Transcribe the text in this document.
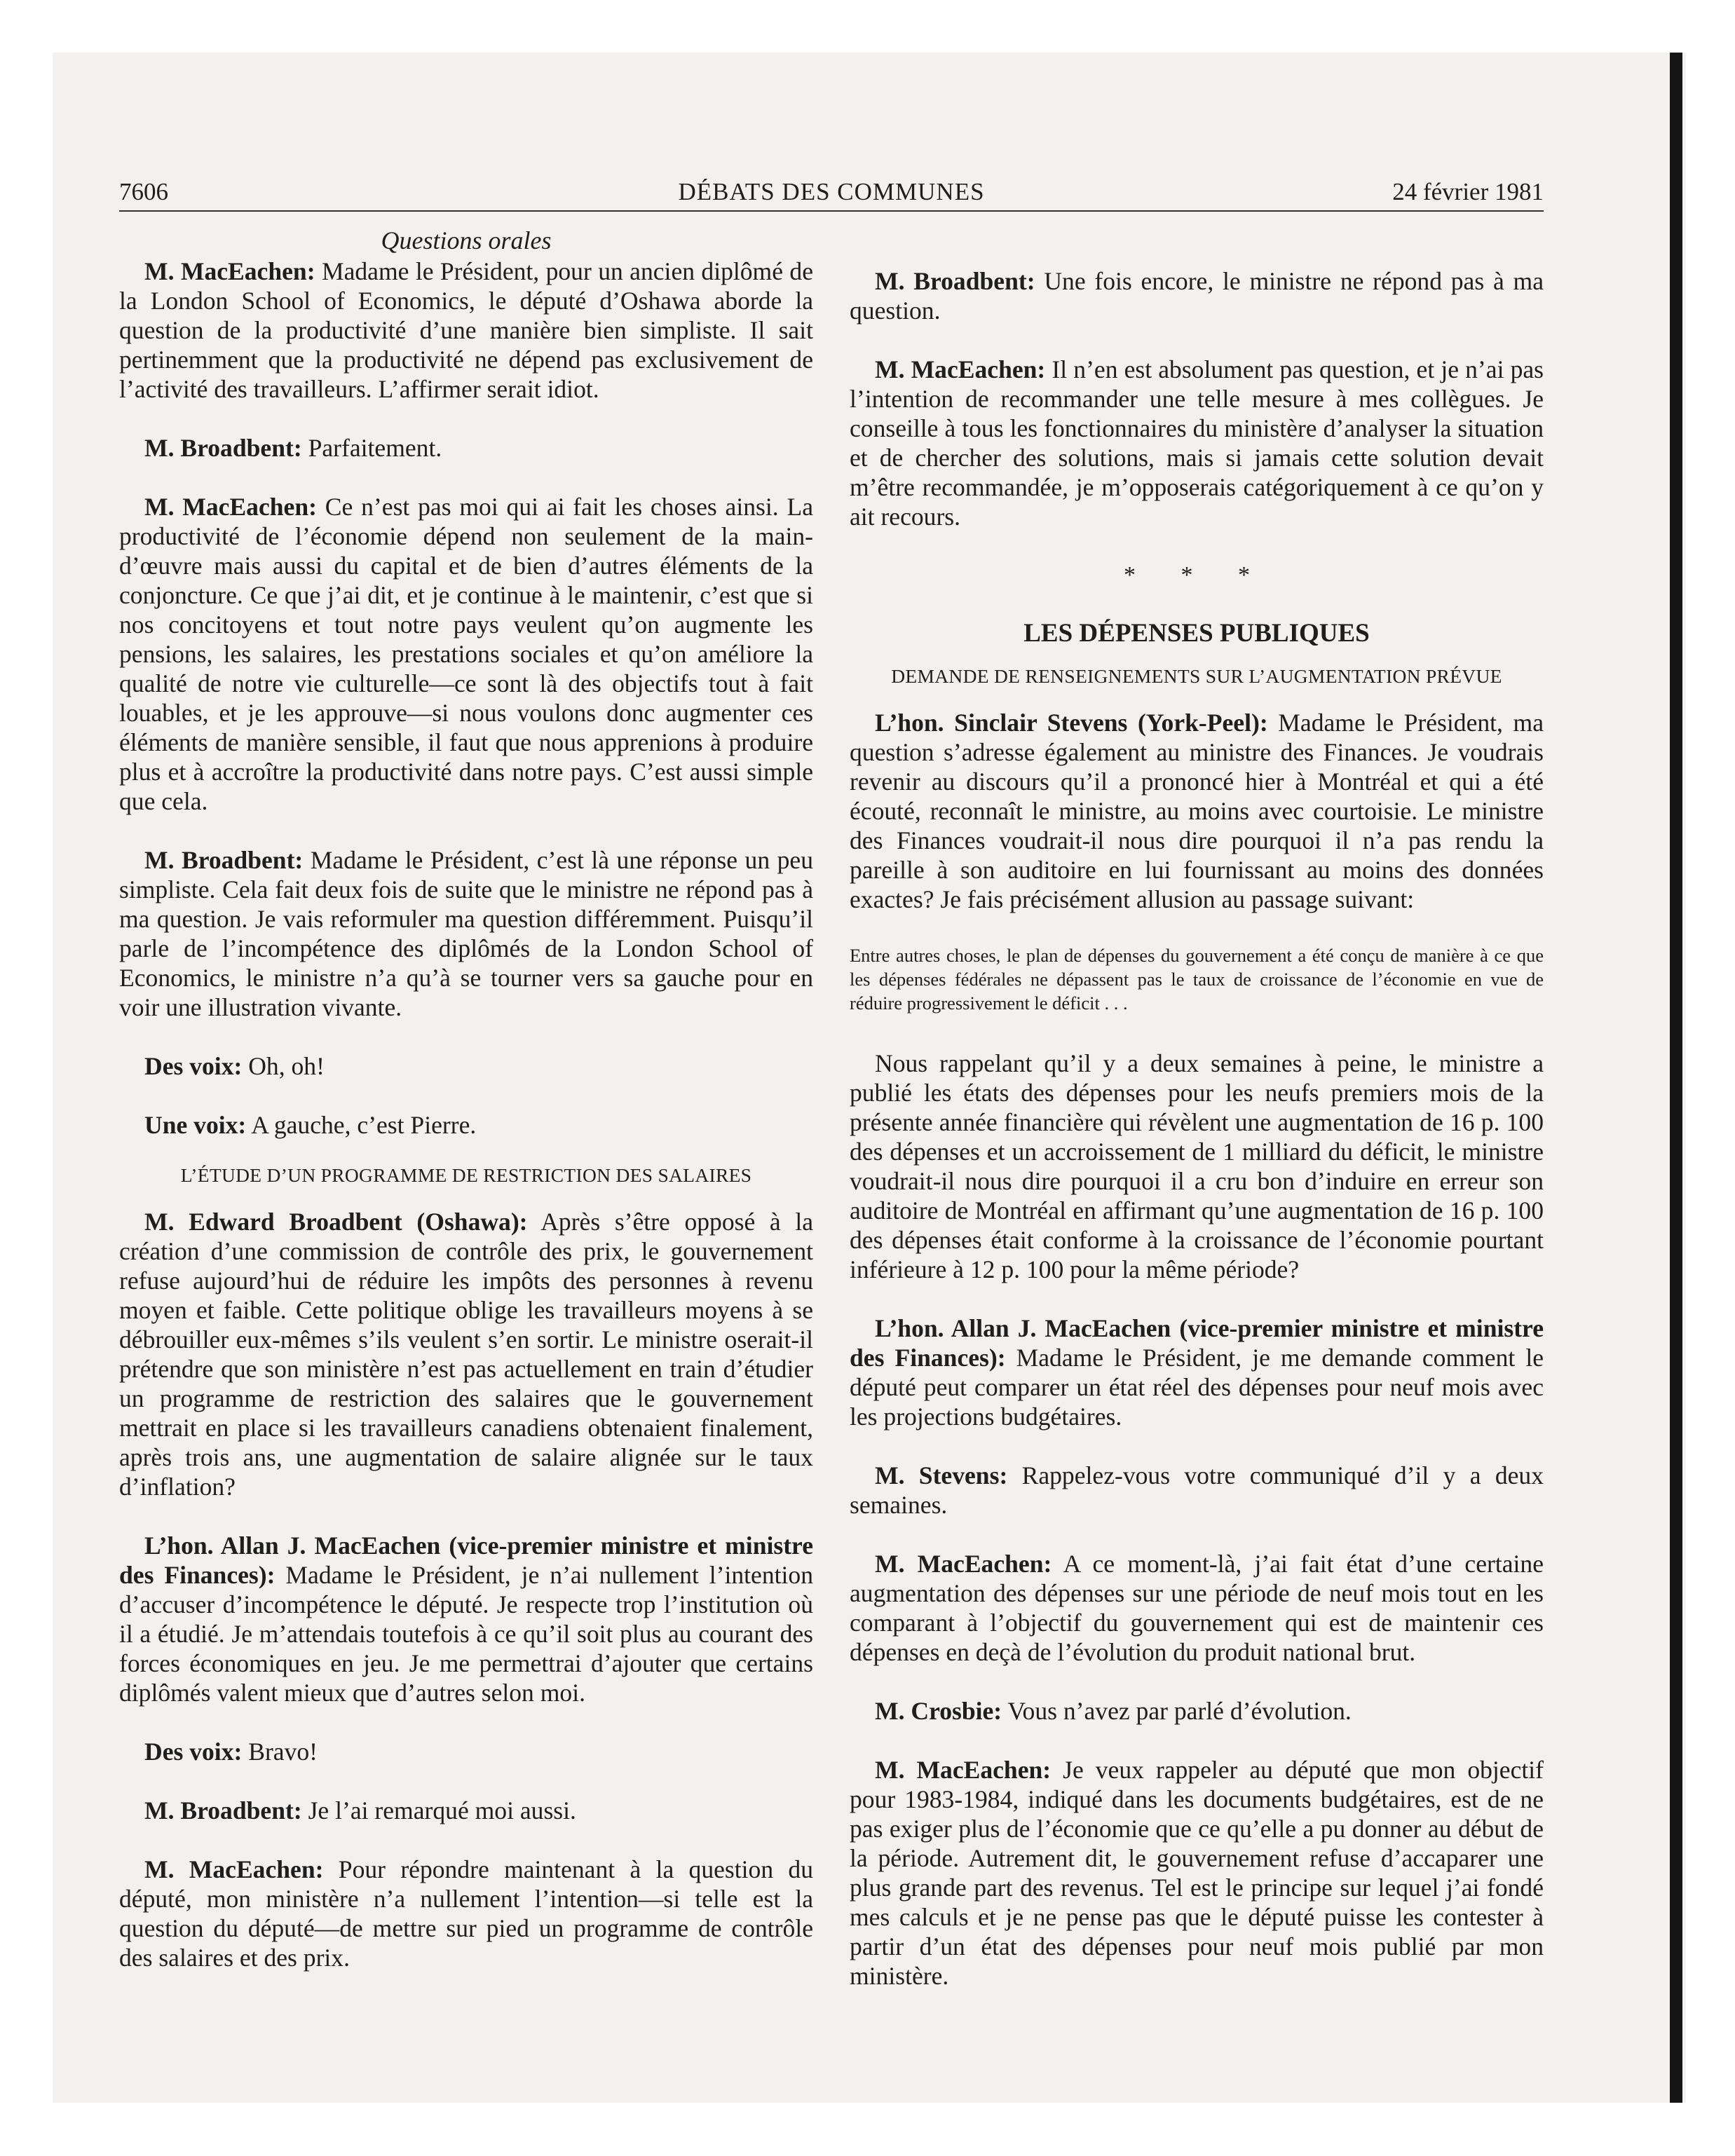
7606	DÉBATS DES COMMUNES	24 février 1981
Questions orales

M. MacEachen: Madame le Président, pour un ancien diplômé de la London School of Economics, le député d’Oshawa aborde la question de la productivité d’une manière bien simpliste. Il sait pertinemment que la productivité ne dépend pas exclusivement de l’activité des travailleurs. L’affirmer serait idiot.

M. Broadbent: Parfaitement.

M. MacEachen: Ce n’est pas moi qui ai fait les choses ainsi. La productivité de l’économie dépend non seulement de la main-d’œuvre mais aussi du capital et de bien d’autres éléments de la conjoncture. Ce que j’ai dit, et je continue à le maintenir, c’est que si nos concitoyens et tout notre pays veulent qu’on augmente les pensions, les salaires, les prestations sociales et qu’on améliore la qualité de notre vie culturelle—ce sont là des objectifs tout à fait louables, et je les approuve—si nous voulons donc augmenter ces éléments de manière sensible, il faut que nous apprenions à produire plus et à accroître la productivité dans notre pays. C’est aussi simple que cela.

M. Broadbent: Madame le Président, c’est là une réponse un peu simpliste. Cela fait deux fois de suite que le ministre ne répond pas à ma question. Je vais reformuler ma question différemment. Puisqu’il parle de l’incompétence des diplômés de la London School of Economics, le ministre n’a qu’à se tourner vers sa gauche pour en voir une illustration vivante.

Des voix: Oh, oh!

Une voix: A gauche, c’est Pierre.

L’ÉTUDE D’UN PROGRAMME DE RESTRICTION DES SALAIRES

M. Edward Broadbent (Oshawa): Après s’être opposé à la création d’une commission de contrôle des prix, le gouvernement refuse aujourd’hui de réduire les impôts des personnes à revenu moyen et faible. Cette politique oblige les travailleurs moyens à se débrouiller eux-mêmes s’ils veulent s’en sortir. Le ministre oserait-il prétendre que son ministère n’est pas actuellement en train d’étudier un programme de restriction des salaires que le gouvernement mettrait en place si les travailleurs canadiens obtenaient finalement, après trois ans, une augmentation de salaire alignée sur le taux d’inflation?

L’hon. Allan J. MacEachen (vice-premier ministre et ministre des Finances): Madame le Président, je n’ai nullement l’intention d’accuser d’incompétence le député. Je respecte trop l’institution où il a étudié. Je m’attendais toutefois à ce qu’il soit plus au courant des forces économiques en jeu. Je me permettrai d’ajouter que certains diplômés valent mieux que d’autres selon moi.

Des voix: Bravo!

M. Broadbent: Je l’ai remarqué moi aussi.

M. MacEachen: Pour répondre maintenant à la question du député, mon ministère n’a nullement l’intention—si telle est la question du député—de mettre sur pied un programme de contrôle des salaires et des prix.

M. Broadbent: Une fois encore, le ministre ne répond pas à ma question.

M. MacEachen: Il n’en est absolument pas question, et je n’ai pas l’intention de recommander une telle mesure à mes collègues. Je conseille à tous les fonctionnaires du ministère d’analyser la situation et de chercher des solutions, mais si jamais cette solution devait m’être recommandée, je m’opposerais catégoriquement à ce qu’on y ait recours.

* * *
LES DÉPENSES PUBLIQUES
DEMANDE DE RENSEIGNEMENTS SUR L’AUGMENTATION PRÉVUE

L’hon. Sinclair Stevens (York-Peel): Madame le Président, ma question s’adresse également au ministre des Finances. Je voudrais revenir au discours qu’il a prononcé hier à Montréal et qui a été écouté, reconnaît le ministre, au moins avec courtoisie. Le ministre des Finances voudrait-il nous dire pourquoi il n’a pas rendu la pareille à son auditoire en lui fournissant au moins des données exactes? Je fais précisément allusion au passage suivant:

Entre autres choses, le plan de dépenses du gouvernement a été conçu de manière à ce que les dépenses fédérales ne dépassent pas le taux de croissance de l’économie en vue de réduire progressivement le déficit . . .

Nous rappelant qu’il y a deux semaines à peine, le ministre a publié les états des dépenses pour les neufs premiers mois de la présente année financière qui révèlent une augmentation de 16 p. 100 des dépenses et un accroissement de 1 milliard du déficit, le ministre voudrait-il nous dire pourquoi il a cru bon d’induire en erreur son auditoire de Montréal en affirmant qu’une augmentation de 16 p. 100 des dépenses était conforme à la croissance de l’économie pourtant inférieure à 12 p. 100 pour la même période?

L’hon. Allan J. MacEachen (vice-premier ministre et ministre des Finances): Madame le Président, je me demande comment le député peut comparer un état réel des dépenses pour neuf mois avec les projections budgétaires.

M. Stevens: Rappelez-vous votre communiqué d’il y a deux semaines.

M. MacEachen: A ce moment-là, j’ai fait état d’une certaine augmentation des dépenses sur une période de neuf mois tout en les comparant à l’objectif du gouvernement qui est de maintenir ces dépenses en deçà de l’évolution du produit national brut.

M. Crosbie: Vous n’avez par parlé d’évolution.

M. MacEachen: Je veux rappeler au député que mon objectif pour 1983-1984, indiqué dans les documents budgétaires, est de ne pas exiger plus de l’économie que ce qu’elle a pu donner au début de la période. Autrement dit, le gouvernement refuse d’accaparer une plus grande part des revenus. Tel est le principe sur lequel j’ai fondé mes calculs et je ne pense pas que le député puisse les contester à partir d’un état des dépenses pour neuf mois publié par mon ministère.
